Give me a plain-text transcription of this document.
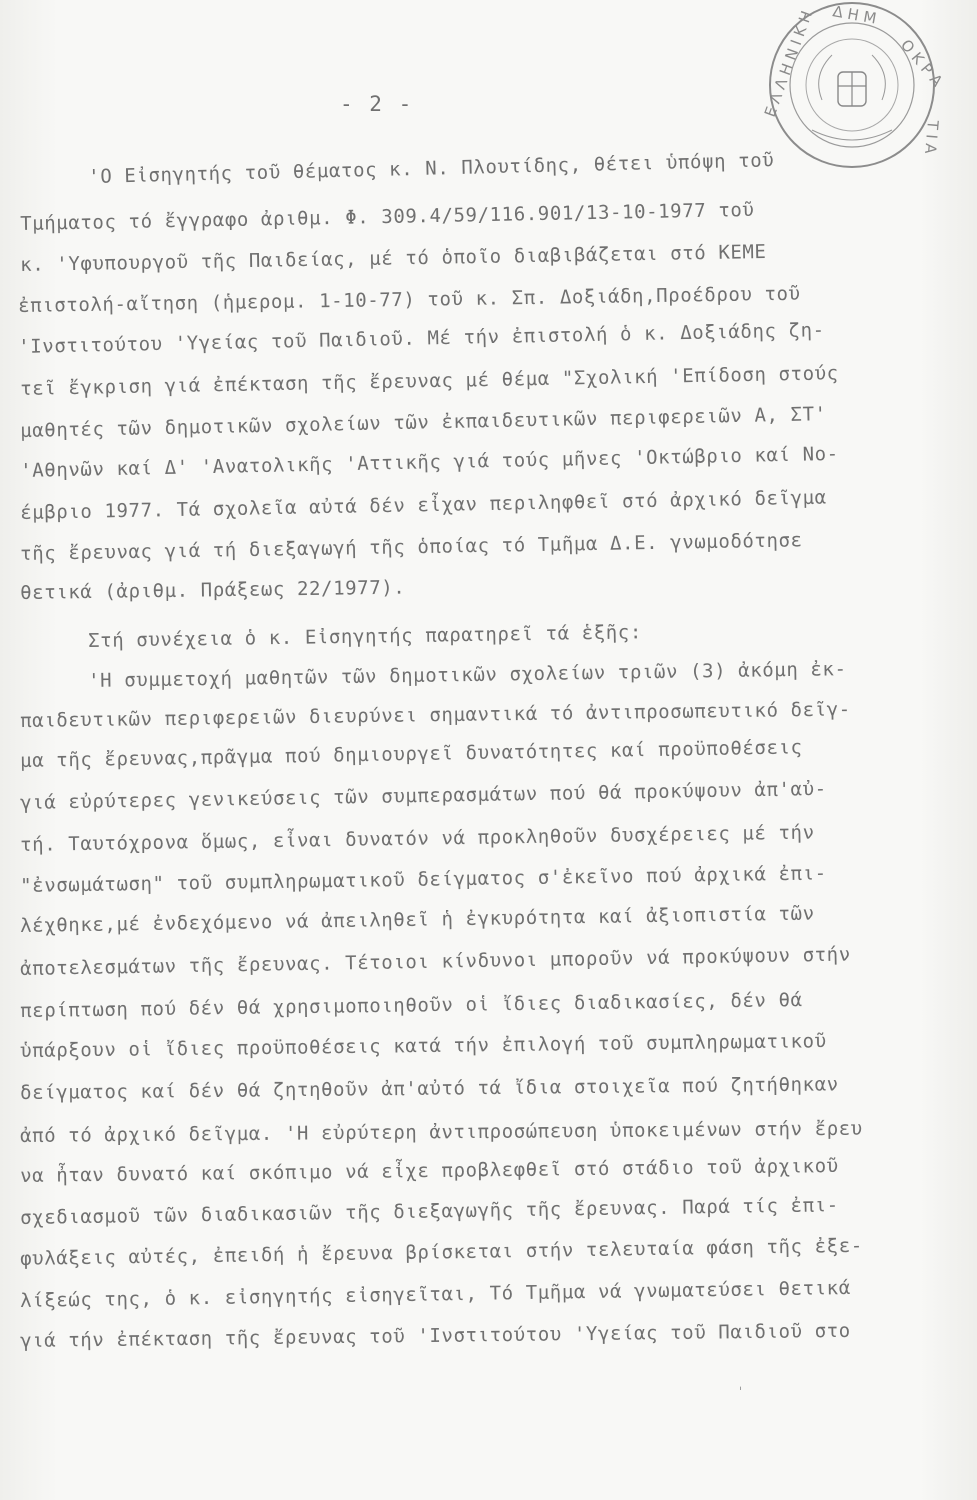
Ε Λ Λ Η Ν Ι Κ Η Δ Η Μ
Ο Κ Ρ Α
Τ Ι Α
- 2 -
'Ο Εἰσηγητής τοῦ θέματος κ. Ν. Πλουτίδης, θέτει ὑπόψη τοῦ
Τμήματος τό ἔγγραφο ἀριθμ. Φ. 309.4/59/116.901/13-10-1977 τοῦ
κ. 'Υφυπουργοῦ τῆς Παιδείας, μέ τό ὁποῖο διαβιβάζεται στό ΚΕΜΕ
ἐπιστολή-αἴτηση (ἡμερομ. 1-10-77) τοῦ κ. Σπ. Δοξιάδη,Προέδρου τοῦ
'Ινστιτούτου 'Υγείας τοῦ Παιδιοῦ. Μέ τήν ἐπιστολή ὁ κ. Δοξιάδης ζη-
τεῖ ἔγκριση γιά ἐπέκταση τῆς ἔρευνας μέ θέμα "Σχολική 'Επίδοση στούς
μαθητές τῶν δημοτικῶν σχολείων τῶν ἐκπαιδευτικῶν περιφερειῶν Α, ΣΤ'
'Αθηνῶν καί Δ' 'Ανατολικῆς 'Αττικῆς γιά τούς μῆνες 'Οκτώβριο καί Νο-
έμβριο 1977. Τά σχολεῖα αὐτά δέν εἶχαν περιληφθεῖ στό ἀρχικό δεῖγμα
τῆς ἔρευνας γιά τή διεξαγωγή τῆς ὁποίας τό Τμῆμα Δ.Ε. γνωμοδότησε
θετικά (ἀριθμ. Πράξεως 22/1977).
Στή συνέχεια ὁ κ. Εἰσηγητής παρατηρεῖ τά ἑξῆς:
'Η συμμετοχή μαθητῶν τῶν δημοτικῶν σχολείων τριῶν (3) ἀκόμη ἐκ-
παιδευτικῶν περιφερειῶν διευρύνει σημαντικά τό ἀντιπροσωπευτικό δεῖγ-
μα τῆς ἔρευνας,πρᾶγμα πού δημιουργεῖ δυνατότητες καί προϋποθέσεις
γιά εὐρύτερες γενικεύσεις τῶν συμπερασμάτων πού θά προκύψουν ἀπ'αὐ-
τή. Ταυτόχρονα ὅμως, εἶναι δυνατόν νά προκληθοῦν δυσχέρειες μέ τήν
"ἐνσωμάτωση" τοῦ συμπληρωματικοῦ δείγματος σ'ἐκεῖνο πού ἀρχικά ἐπι-
λέχθηκε,μέ ἐνδεχόμενο νά ἀπειληθεῖ ἡ ἐγκυρότητα καί ἀξιοπιστία τῶν
ἀποτελεσμάτων τῆς ἔρευνας. Τέτοιοι κίνδυνοι μποροῦν νά προκύψουν στήν
περίπτωση πού δέν θά χρησιμοποιηθοῦν οἱ ἴδιες διαδικασίες, δέν θά
ὑπάρξουν οἱ ἴδιες προϋποθέσεις κατά τήν ἐπιλογή τοῦ συμπληρωματικοῦ
δείγματος καί δέν θά ζητηθοῦν ἀπ'αὐτό τά ἴδια στοιχεῖα πού ζητήθηκαν
ἀπό τό ἀρχικό δεῖγμα. 'Η εὐρύτερη ἀντιπροσώπευση ὑποκειμένων στήν ἔρευ
να ἦταν δυνατό καί σκόπιμο νά εἶχε προβλεφθεῖ στό στάδιο τοῦ ἀρχικοῦ
σχεδιασμοῦ τῶν διαδικασιῶν τῆς διεξαγωγῆς τῆς ἔρευνας. Παρά τίς ἐπι-
φυλάξεις αὐτές, ἐπειδή ἡ ἔρευνα βρίσκεται στήν τελευταία φάση τῆς ἐξε-
λίξεώς της, ὁ κ. εἰσηγητής εἰσηγεῖται, Τό Τμῆμα νά γνωματεύσει θετικά
γιά τήν ἐπέκταση τῆς ἔρευνας τοῦ 'Ινστιτούτου 'Υγείας τοῦ Παιδιοῦ στο
ˈ
